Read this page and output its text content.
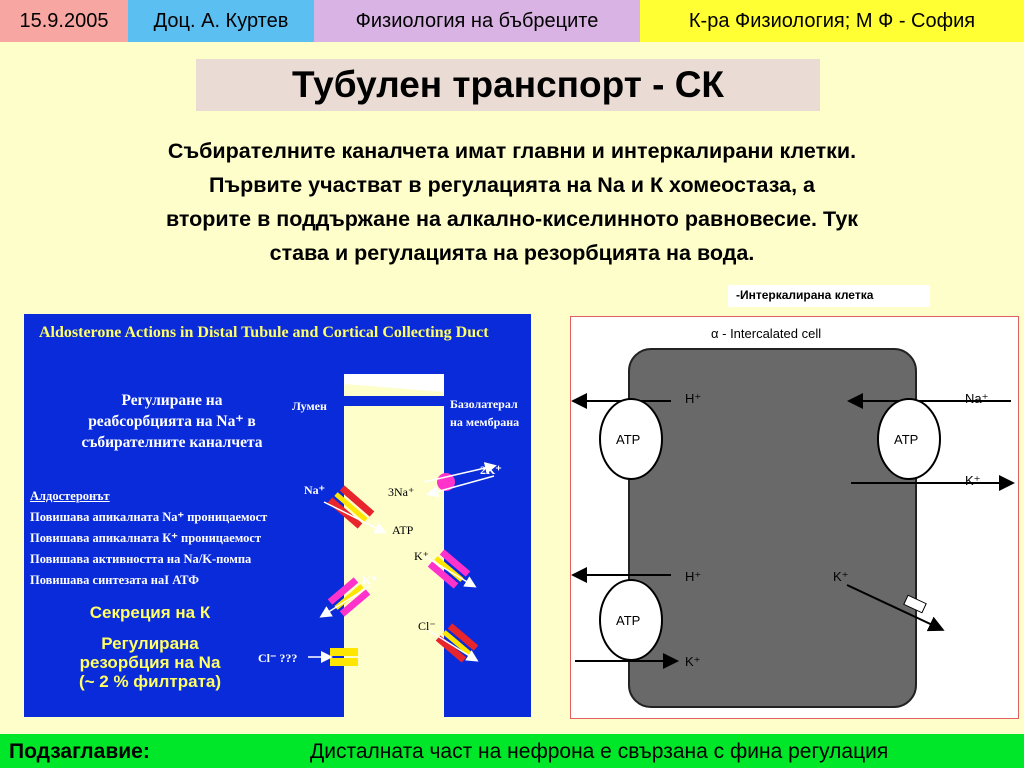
15.9.2005	Доц. А. Куртев	Физиология на бъбреците	К-ра Физиология; М Ф - София
Тубулен транспорт - СК
Събирателните каналчета имат главни и интеркалирани клетки.
Първите участват в регулацията на Na и К хомеостаза, а
вторите в поддържане на алкално-киселинното равновесие. Тук
става и регулацията на резорбцията на вода.
-Интеркалирана клетка
Aldosterone Actions in Distal Tubule and Cortical Collecting Duct
Регулиране на
реабсорбцията на Na⁺ в
събирателните каналчета
Алдостеронът
Повишава апикалната Na⁺ проницаемост
Повишава апикалната К⁺ проницаемост
Повишава активността на Na/K-помпа
Повишава синтезата нaI АТФ
Секреция на К
Регулирана
резорбция на Na
(~ 2 % филтрата)
Лумен	Базолатерал
на мембрана
Na⁺
2K⁺
3Na⁺
ATP
K⁺
K⁺
Cl⁻
Cl⁻ ???
α - Intercalated cell
H⁺
ATP
Na⁺
ATP
K⁺
H⁺
ATP
K⁺
K⁺
Подзаглавие:	Дисталната част на нефрона е свързана с фина регулация
